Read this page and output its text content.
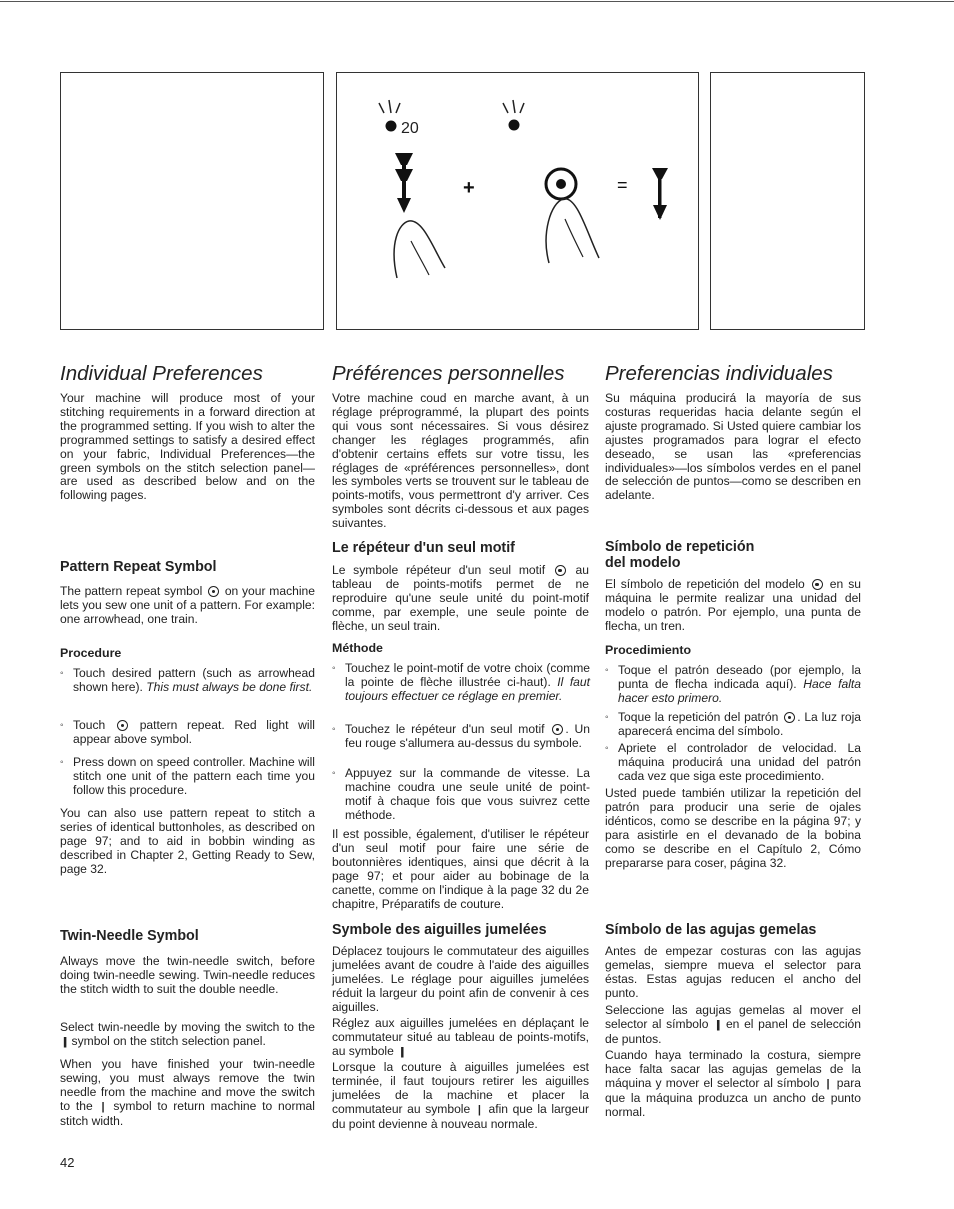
20
+	=
Individual Preferences	Préférences personnelles Preferencias individuales

Your machine will produce most of your stitching requirements in a forward direction at the programmed setting. If you wish to alter the programmed settings to satisfy a desired effect on your fabric, Individual Preferences—the green symbols on the stitch selection panel—are used as described below and on the following pages.

Pattern Repeat Symbol

The pattern repeat symbol on your machine lets you sew one unit of a pattern. For example: one arrowhead, one train.

Procedure

◦ Touch desired pattern (such as arrowhead shown here). This must always be done first.

◦ Touch	pattern repeat. Red light will appear above symbol.

◦ Press down on speed controller. Machine will stitch one unit of the pattern each time you follow this procedure.

You can also use pattern repeat to stitch a series of identical buttonholes, as described on page 97; and to aid in bobbin winding as described in Chapter 2, Getting Ready to Sew, page 32.

Twin-Needle Symbol

Always move the twin-needle switch, before doing twin-needle sewing. Twin-needle reduces the stitch width to suit the double needle.

Select twin-needle by moving the switch to the || symbol on the stitch selection panel.

When you have finished your twin-needle sewing, you must always remove the twin needle from the machine and move the switch to the | symbol to return machine to normal stitch width.

Votre machine coud en marche avant, à un réglage préprogrammé, la plupart des points qui vous sont nécessaires. Si vous désirez changer les réglages programmés, afin d'obtenir certains effets sur votre tissu, les réglages de «préférences personnelles», dont les symboles verts se trouvent sur le tableau de points-motifs, vous permettront d'y arriver. Ces symboles sont décrits ci-dessous et aux pages suivantes.

Le répéteur d'un seul motif

Le symbole répéteur d'un seul motif	au tableau de points-motifs permet de ne reproduire qu'une seule unité du point-motif comme, par exemple, une seule pointe de flèche, un seul train.

Méthode

◦ Touchez le point-motif de votre choix (comme la pointe de flèche illustrée ci-haut). Il faut toujours effectuer ce réglage en premier.

◦ Touchez le répéteur d'un seul motif . Un feu rouge s'allumera au-dessus du symbole.

◦ Appuyez sur la commande de vitesse. La machine coudra une seule unité de point-motif à chaque fois que vous suivrez cette méthode.

Il est possible, également, d'utiliser le répéteur d'un seul motif pour faire une série de boutonnières identiques, ainsi que décrit à la page 97; et pour aider au bobinage de la canette, comme on l'indique à la page 32 du 2e chapitre, Préparatifs de couture.

Symbole des aiguilles jumelées

Déplacez toujours le commutateur des aiguilles jumelées avant de coudre à l'aide des aiguilles jumelées. Le réglage pour aiguilles jumelées réduit la largeur du point afin de convenir à ces aiguilles.

Réglez aux aiguilles jumelées en déplaçant le commutateur situé au tableau de points-motifs, au symbole ||

Lorsque la couture à aiguilles jumelées est terminée, il faut toujours retirer les aiguilles jumelées de la machine et placer la commutateur au symbole | afin que la largeur du point devienne à nouveau normale.

Su máquina producirá la mayoría de sus costuras requeridas hacia delante según el ajuste programado. Si Usted quiere cambiar los ajustes programados para lograr el efecto deseado, se usan las «preferencias individuales»—los símbolos verdes en el panel de selección de puntos—como se describen en adelante.

Símbolo de repetición
del modelo

El símbolo de repetición del modelo en su máquina le permite realizar una unidad del modelo o patrón. Por ejemplo, una punta de flecha, un tren.

Procedimiento

◦ Toque el patrón deseado (por ejemplo, la punta de flecha indicada aquí). Hace falta hacer esto primero.

◦ Toque la repetición del patrón . La luz roja aparecerá encima del símbolo.

◦ Apriete el controlador de velocidad. La máquina producirá una unidad del patrón cada vez que siga este procedimiento.

Usted puede también utilizar la repetición del patrón para producir una serie de ojales idénticos, como se describe en la página 97; y para asistirle en el devanado de la bobina como se describe en el Capítulo 2, Cómo prepararse para coser, página 32.

Símbolo de las agujas gemelas

Antes de empezar costuras con las agujas gemelas, siempre mueva el selector para éstas. Estas agujas reducen el ancho del punto.

Seleccione las agujas gemelas al mover el selector al símbolo || en el panel de selección de puntos.

Cuando haya terminado la costura, siempre hace falta sacar las agujas gemelas de la máquina y mover el selector al símbolo | para que la máquina produzca un ancho de punto normal.

42
